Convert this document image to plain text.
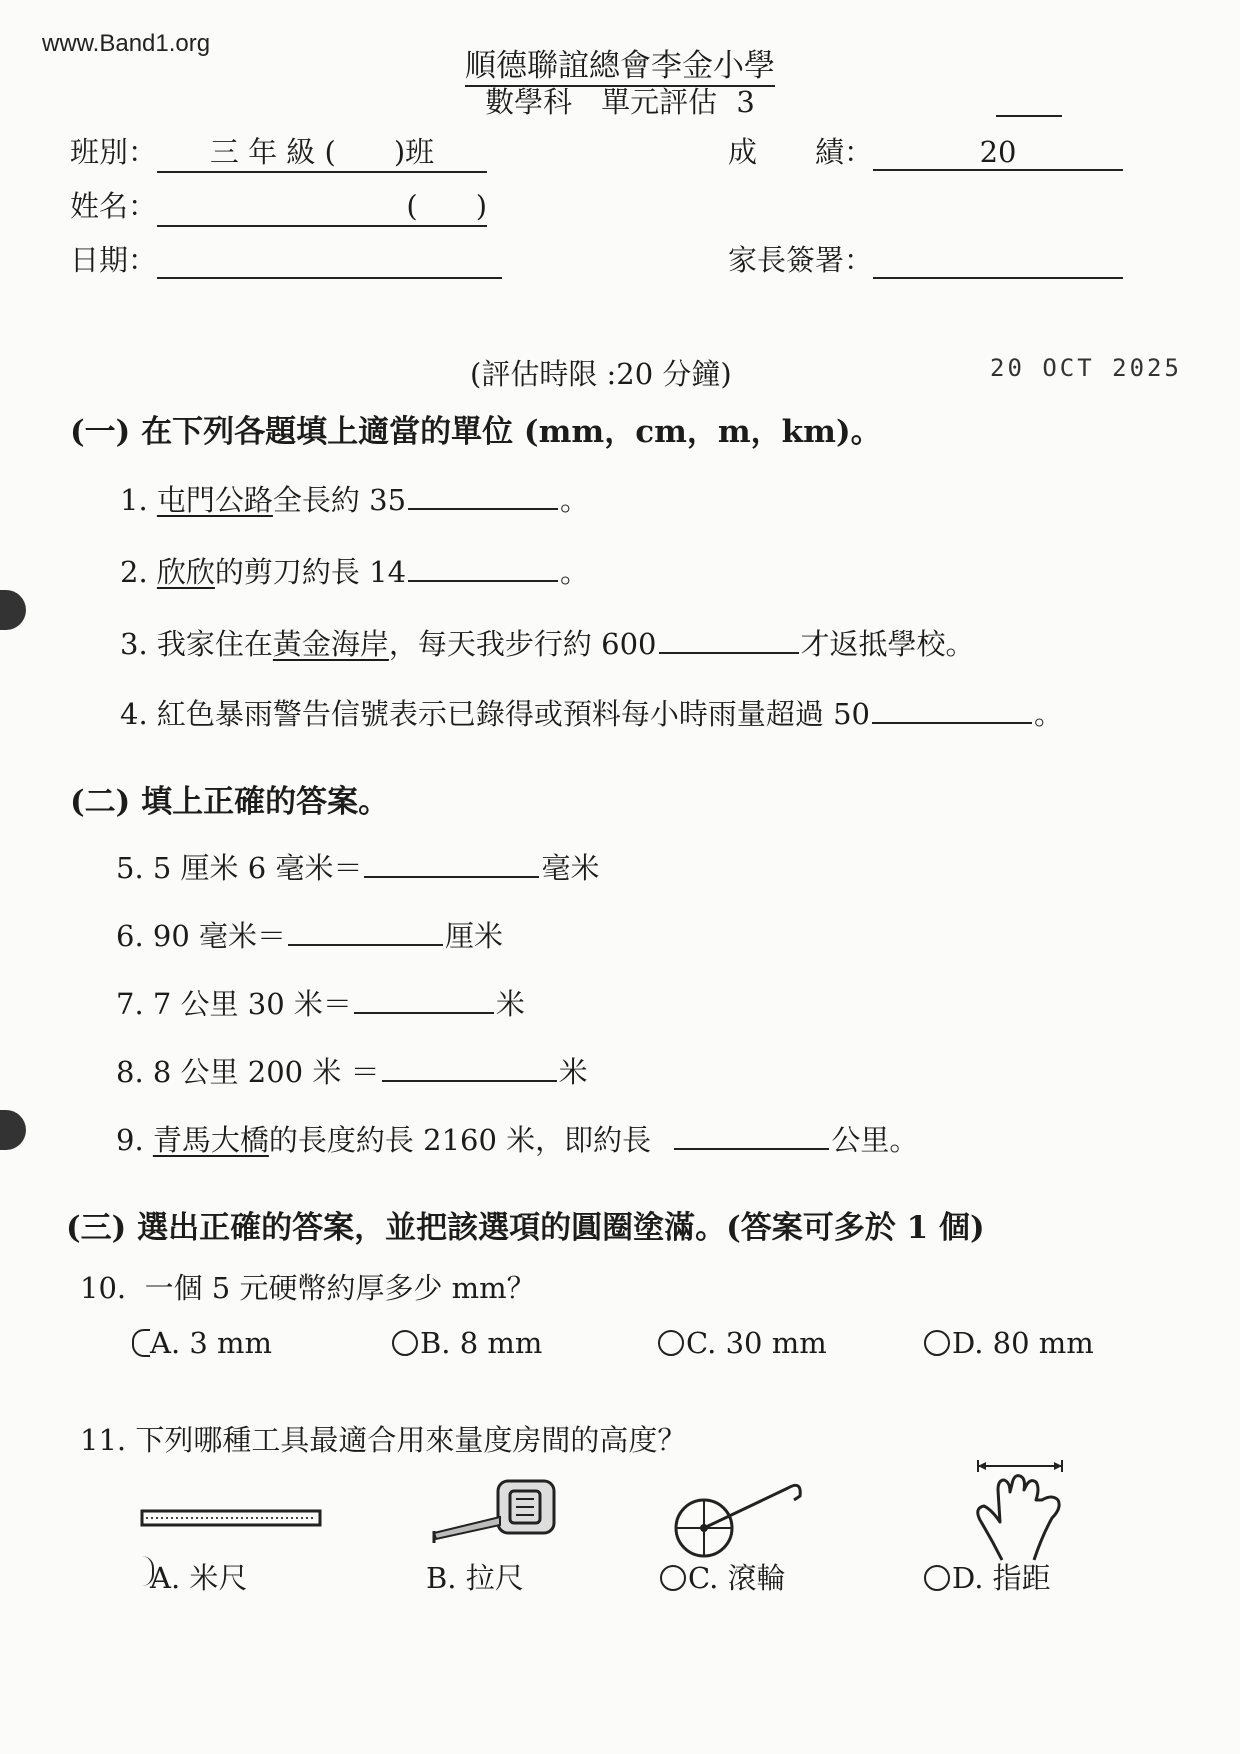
www.Band1.org
順德聯誼總會李金小學
數學科　單元評估 3
班別： 三 年 級 (　　)班	成　　績：	20
姓名：	(　　)
日期：	家長簽署：
(評估時限 :20 分鐘)	20 OCT 2025
(一) 在下列各題填上適當的單位 (mm，cm，m，km)。
1. 屯門公路全長約 35	。
2. 欣欣的剪刀約長 14	。
3. 我家住在黃金海岸，每天我步行約 600	才返抵學校。
4. 紅色暴雨警告信號表示已錄得或預料每小時雨量超過 50	。
(二) 填上正確的答案。
5. 5 厘米 6 毫米＝	毫米
6. 90 毫米＝	厘米
7. 7 公里 30 米＝	米
8. 8 公里 200 米 ＝	米
9. 青馬大橋的長度約長 2160 米，即約長	公里。
(三) 選出正確的答案，並把該選項的圓圈塗滿。(答案可多於 1 個)
10. 一個 5 元硬幣約厚多少 mm？
A. 3 mm	B. 8 mm	C. 30 mm	D. 80 mm
11. 下列哪種工具最適合用來量度房間的高度？
A. 米尺	B. 拉尺	C. 滾輪	D. 指距
